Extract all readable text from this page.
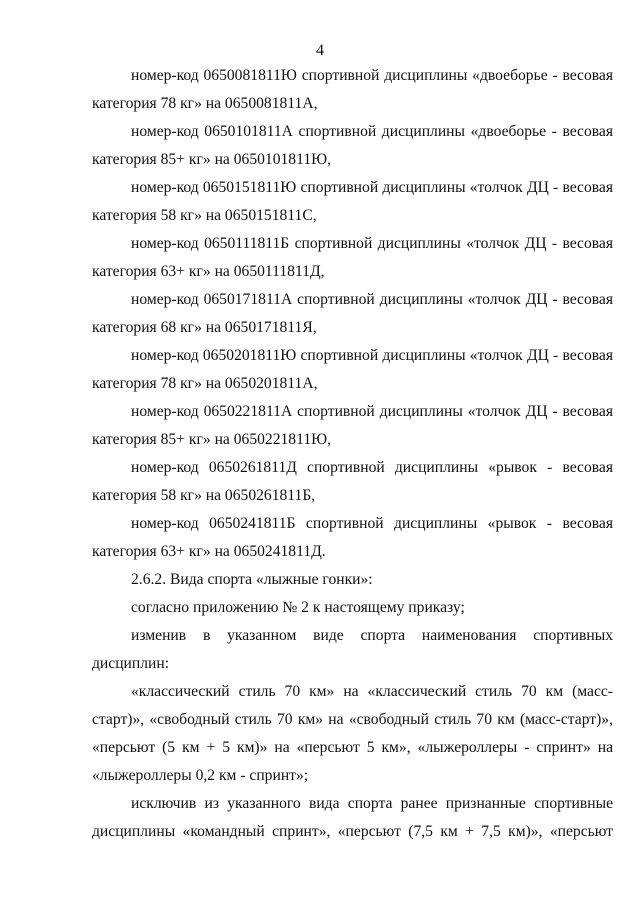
4

номер-код 0650081811Ю спортивной дисциплины «двоеборье - весовая категория 78 кг» на 0650081811А,

номер-код 0650101811А спортивной дисциплины «двоеборье - весовая категория 85+ кг» на 0650101811Ю,

номер-код 0650151811Ю спортивной дисциплины «толчок ДЦ - весовая категория 58 кг» на 0650151811С,

номер-код 0650111811Б спортивной дисциплины «толчок ДЦ - весовая категория 63+ кг» на 0650111811Д,

номер-код 0650171811А спортивной дисциплины «толчок ДЦ - весовая категория 68 кг» на 0650171811Я,

номер-код 0650201811Ю спортивной дисциплины «толчок ДЦ - весовая категория 78 кг» на 0650201811А,

номер-код 0650221811А спортивной дисциплины «толчок ДЦ - весовая категория 85+ кг» на 0650221811Ю,

номер-код 0650261811Д спортивной дисциплины «рывок - весовая категория 58 кг» на 0650261811Б,

номер-код 0650241811Б спортивной дисциплины «рывок - весовая категория 63+ кг» на 0650241811Д.

2.6.2. Вида спорта «лыжные гонки»:

согласно приложению № 2 к настоящему приказу;

изменив в указанном виде спорта наименования спортивных дисциплин:

«классический стиль 70 км» на «классический стиль 70 км (масс-старт)», «свободный стиль 70 км» на «свободный стиль 70 км (масс-старт)», «персьют (5 км + 5 км)» на «персьют 5 км», «лыжероллеры - спринт» на «лыжероллеры 0,2 км - спринт»;

исключив из указанного вида спорта ранее признанные спортивные дисциплины «командный спринт», «персьют (7,5 км + 7,5 км)», «персьют
